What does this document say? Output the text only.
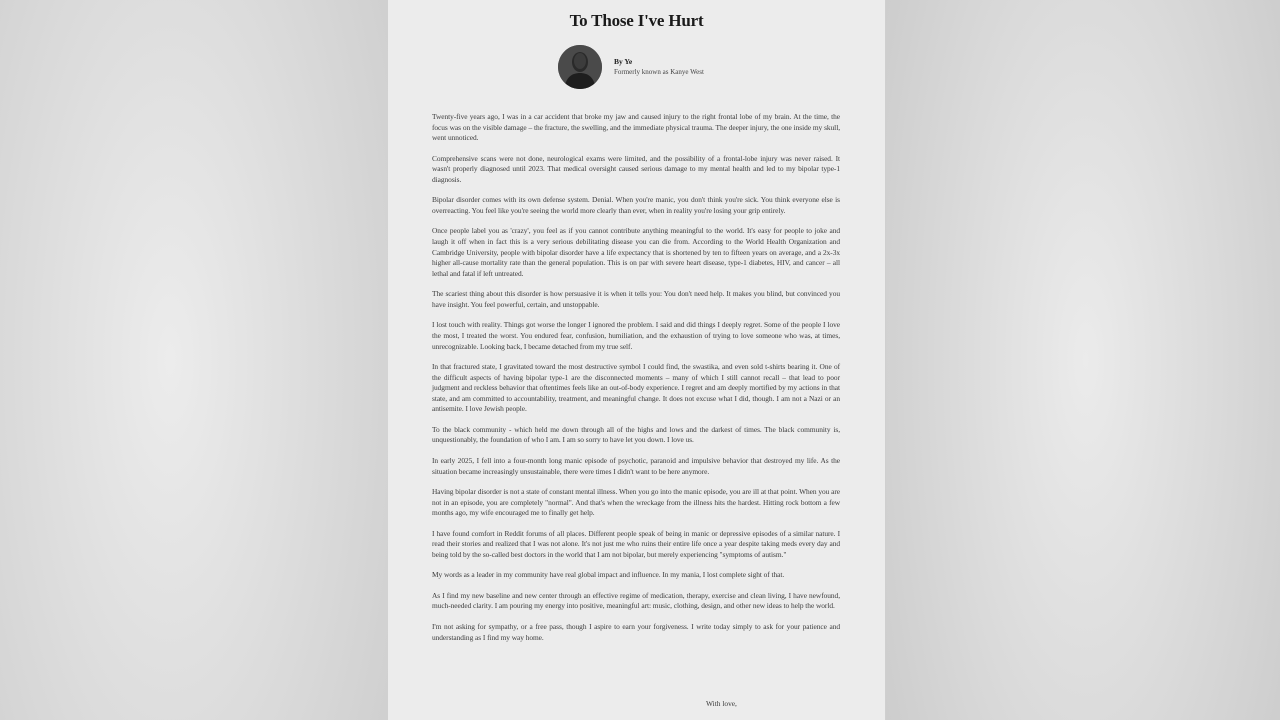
To Those I've Hurt
By Ye
Formerly known as Kanye West

Twenty-five years ago, I was in a car accident that broke my jaw and caused injury to the right frontal lobe of my brain. At the time, the focus was on the visible damage – the fracture, the swelling, and the immediate physical trauma. The deeper injury, the one inside my skull, went unnoticed.

Comprehensive scans were not done, neurological exams were limited, and the possibility of a frontal-lobe injury was never raised. It wasn't properly diagnosed until 2023. That medical oversight caused serious damage to my mental health and led to my bipolar type-1 diagnosis.

Bipolar disorder comes with its own defense system. Denial. When you're manic, you don't think you're sick. You think everyone else is overreacting. You feel like you're seeing the world more clearly than ever, when in reality you're losing your grip entirely.

Once people label you as 'crazy', you feel as if you cannot contribute anything meaningful to the world. It's easy for people to joke and laugh it off when in fact this is a very serious debilitating disease you can die from. According to the World Health Organization and Cambridge University, people with bipolar disorder have a life expectancy that is shortened by ten to fifteen years on average, and a 2x-3x higher all-cause mortality rate than the general population. This is on par with severe heart disease, type-1 diabetes, HIV, and cancer – all lethal and fatal if left untreated.

The scariest thing about this disorder is how persuasive it is when it tells you: You don't need help. It makes you blind, but convinced you have insight. You feel powerful, certain, and unstoppable.

I lost touch with reality. Things got worse the longer I ignored the problem. I said and did things I deeply regret. Some of the people I love the most, I treated the worst. You endured fear, confusion, humiliation, and the exhaustion of trying to love someone who was, at times, unrecognizable. Looking back, I became detached from my true self.

In that fractured state, I gravitated toward the most destructive symbol I could find, the swastika, and even sold t-shirts bearing it. One of the difficult aspects of having bipolar type-1 are the disconnected moments – many of which I still cannot recall – that lead to poor judgment and reckless behavior that oftentimes feels like an out-of-body experience. I regret and am deeply mortified by my actions in that state, and am committed to accountability, treatment, and meaningful change. It does not excuse what I did, though. I am not a Nazi or an antisemite. I love Jewish people.

To the black community - which held me down through all of the highs and lows and the darkest of times. The black community is, unquestionably, the foundation of who I am. I am so sorry to have let you down. I love us.

In early 2025, I fell into a four-month long manic episode of psychotic, paranoid and impulsive behavior that destroyed my life. As the situation became increasingly unsustainable, there were times I didn't want to be here anymore.

Having bipolar disorder is not a state of constant mental illness. When you go into the manic episode, you are ill at that point. When you are not in an episode, you are completely "normal". And that's when the wreckage from the illness hits the hardest. Hitting rock bottom a few months ago, my wife encouraged me to finally get help.

I have found comfort in Reddit forums of all places. Different people speak of being in manic or depressive episodes of a similar nature. I read their stories and realized that I was not alone. It's not just me who ruins their entire life once a year despite taking meds every day and being told by the so-called best doctors in the world that I am not bipolar, but merely experiencing "symptoms of autism."

My words as a leader in my community have real global impact and influence. In my mania, I lost complete sight of that.

As I find my new baseline and new center through an effective regime of medication, therapy, exercise and clean living, I have newfound, much-needed clarity. I am pouring my energy into positive, meaningful art: music, clothing, design, and other new ideas to help the world.

I'm not asking for sympathy, or a free pass, though I aspire to earn your forgiveness. I write today simply to ask for your patience and understanding as I find my way home.

With love,
